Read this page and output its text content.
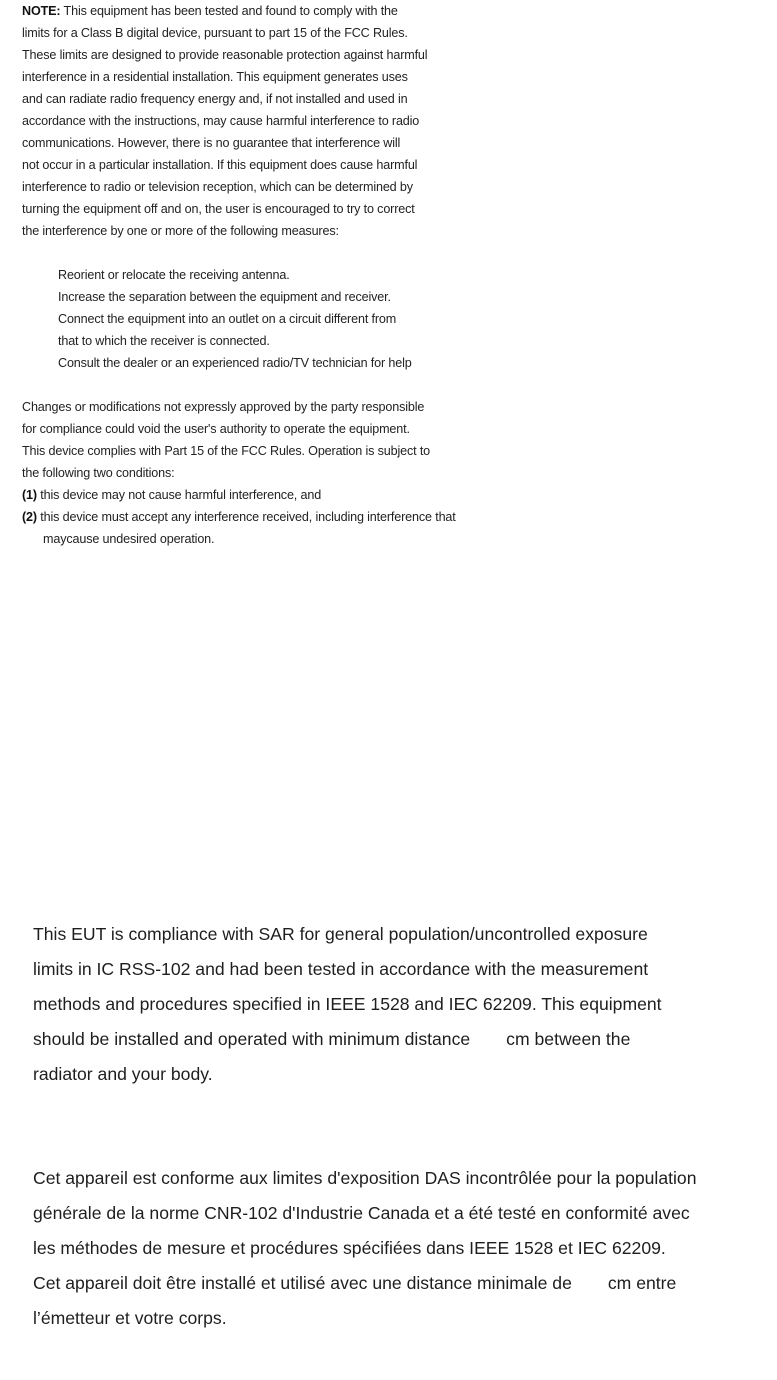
NOTE: This equipment has been tested and found to comply with the

limits for a Class B digital device, pursuant to part 15 of the FCC Rules.

These limits are designed to provide reasonable protection against harmful

interference in a residential installation. This equipment generates uses

and can radiate radio frequency energy and, if not installed and used in

accordance with the instructions, may cause harmful interference to radio

communications. However, there is no guarantee that interference will

not occur in a particular installation. If this equipment does cause harmful

interference to radio or television reception, which can be determined by

turning the equipment off and on, the user is encouraged to try to correct

the interference by one or more of the following measures:

Reorient or relocate the receiving antenna.

Increase the separation between the equipment and receiver.

Connect the equipment into an outlet on a circuit different from

that to which the receiver is connected.

Consult the dealer or an experienced radio/TV technician for help

Changes or modifications not expressly approved by the party responsible

for compliance could void the user's authority to operate the equipment.

This device complies with Part 15 of the FCC Rules. Operation is subject to

the following two conditions:

(1) this device may not cause harmful interference, and

(2) this device must accept any interference received, including interference that maycause undesired operation.

This EUT is compliance with SAR for general population/uncontrolled exposure

limits in IC RSS-102 and had been tested in accordance with the measurement

methods and procedures specified in IEEE 1528 and IEC 62209. This equipment

should be installed and operated with minimum distance cm between the

radiator and your body.

Cet appareil est conforme aux limites d'exposition DAS incontrôlée pour la population

générale de la norme CNR-102 d'Industrie Canada et a été testé en conformité avec

les méthodes de mesure et procédures spécifiées dans IEEE 1528 et IEC 62209.

Cet appareil doit être installé et utilisé avec une distance minimale de cm entre

l’émetteur et votre corps.
